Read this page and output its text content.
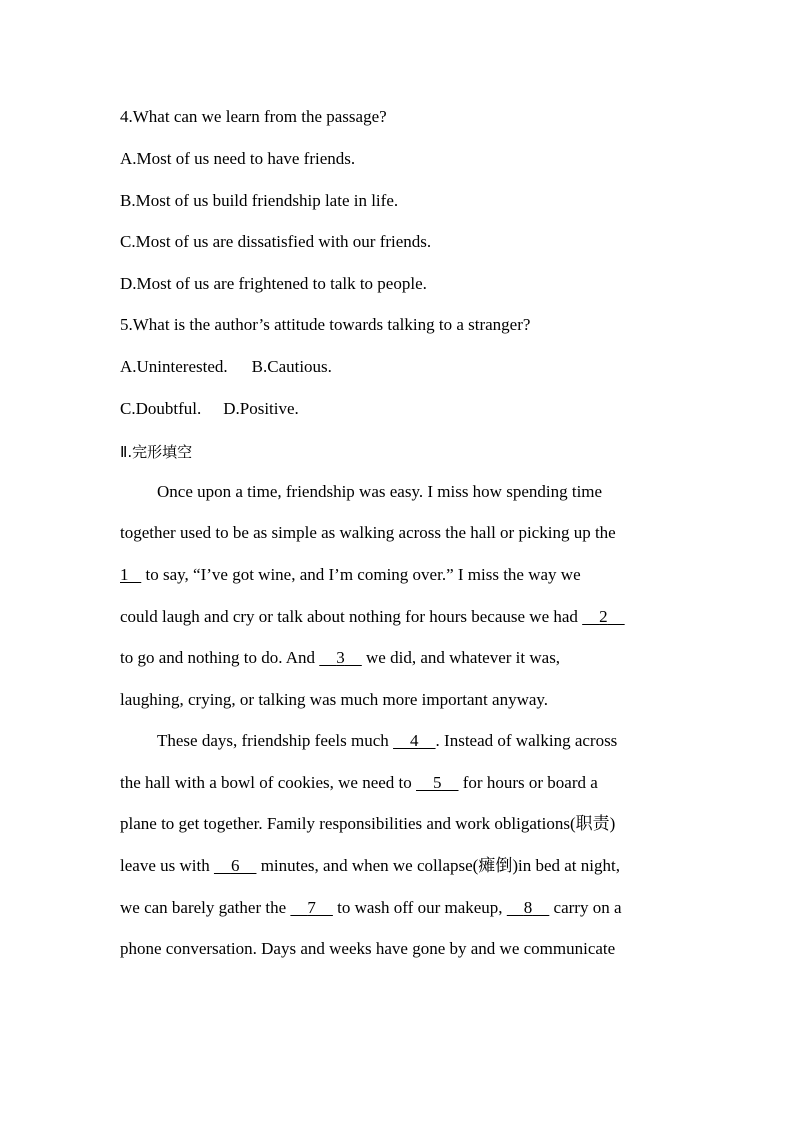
4.What can we learn from the passage?
A.Most of us need to have friends.
B.Most of us build friendship late in life.
C.Most of us are dissatisfied with our friends.
D.Most of us are frightened to talk to people.
5.What is the author’s attitude towards talking to a stranger?
A.Uninterested. B.Cautious.
C.Doubtful. D.Positive.
Ⅱ.完形填空
Once upon a time, friendship was easy. I miss how spending time
together used to be as simple as walking across the hall or picking up the
1    to say, “I’ve got wine, and I’m coming over.” I miss the way we
could laugh and cry or talk about nothing for hours because we had     2
to go and nothing to do. And     3     we did, and whatever it was,
laughing, crying, or talking was much more important anyway.
These days, friendship feels much     4 . Instead of walking across
the hall with a bowl of cookies, we need to     5     for hours or board a
plane to get together. Family responsibilities and work obligations(职责)
leave us with     6     minutes, and when we collapse(瘫倒)in bed at night,
we can barely gather the     7     to wash off our makeup,     8     carry on a
phone conversation. Days and weeks have gone by and we communicate
